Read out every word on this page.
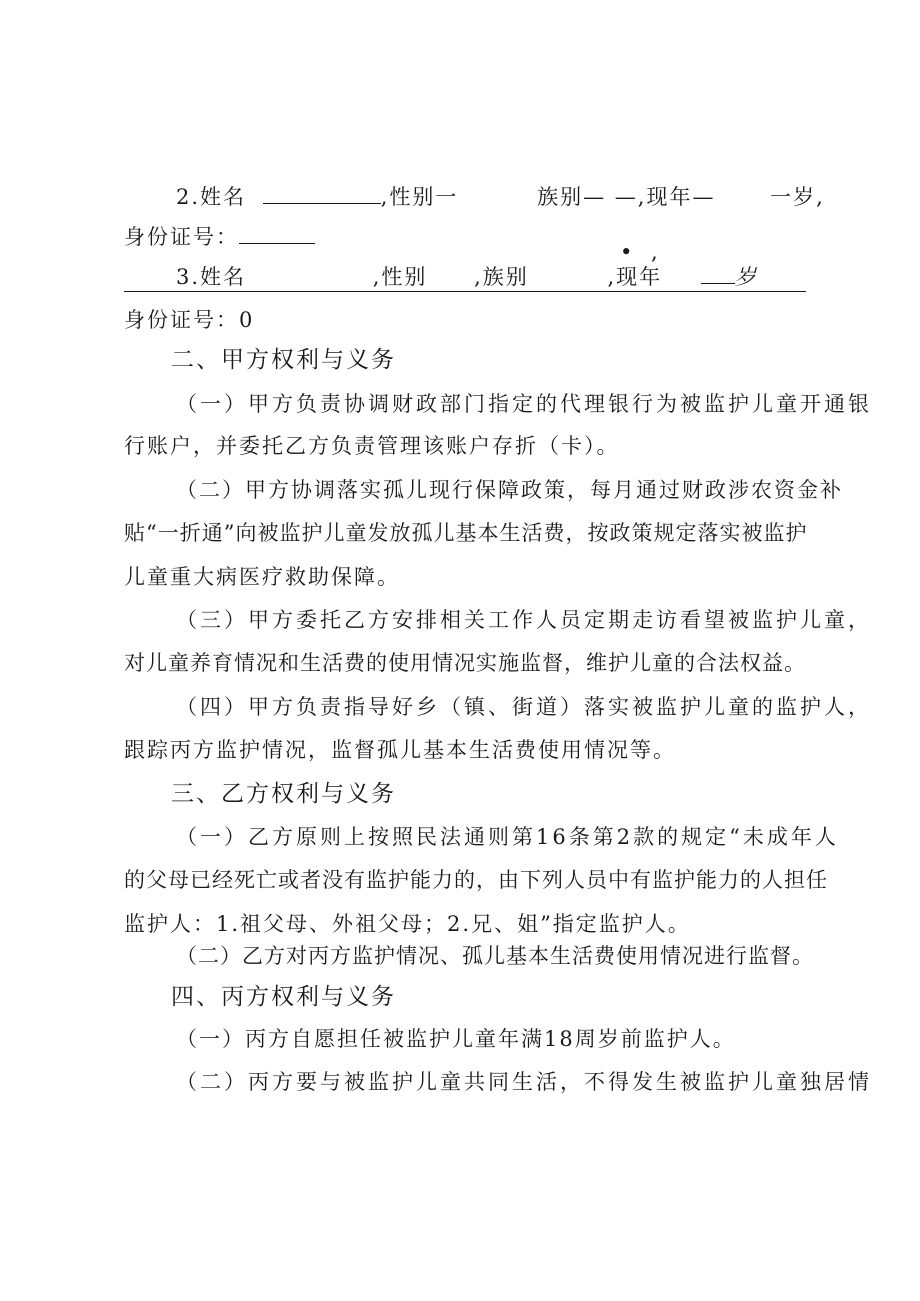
2.姓名	,性别一	族别— —,现年—	一岁,
身份证号：
• ,
3.姓名	,性别 ,族别	,现年	岁
身份证号：0
二、甲方权利与义务
（一）甲方负责协调财政部门指定的代理银行为被监护儿童开通银
行账户，并委托乙方负责管理该账户存折（卡）。
（二）甲方协调落实孤儿现行保障政策，每月通过财政涉农资金补
贴“一折通”向被监护儿童发放孤儿基本生活费，按政策规定落实被监护
儿童重大病医疗救助保障。
（三）甲方委托乙方安排相关工作人员定期走访看望被监护儿童，
对儿童养育情况和生活费的使用情况实施监督，维护儿童的合法权益。
（四）甲方负责指导好乡（镇、街道）落实被监护儿童的监护人，
跟踪丙方监护情况，监督孤儿基本生活费使用情况等。
三、乙方权利与义务
（一）乙方原则上按照民法通则第16条第2款的规定“未成年人
的父母已经死亡或者没有监护能力的，由下列人员中有监护能力的人担任
监护人：1.祖父母、外祖父母；2.兄、姐”指定监护人。
（二）乙方对丙方监护情况、孤儿基本生活费使用情况进行监督。
四、丙方权利与义务
（一）丙方自愿担任被监护儿童年满18周岁前监护人。
（二）丙方要与被监护儿童共同生活，不得发生被监护儿童独居情
